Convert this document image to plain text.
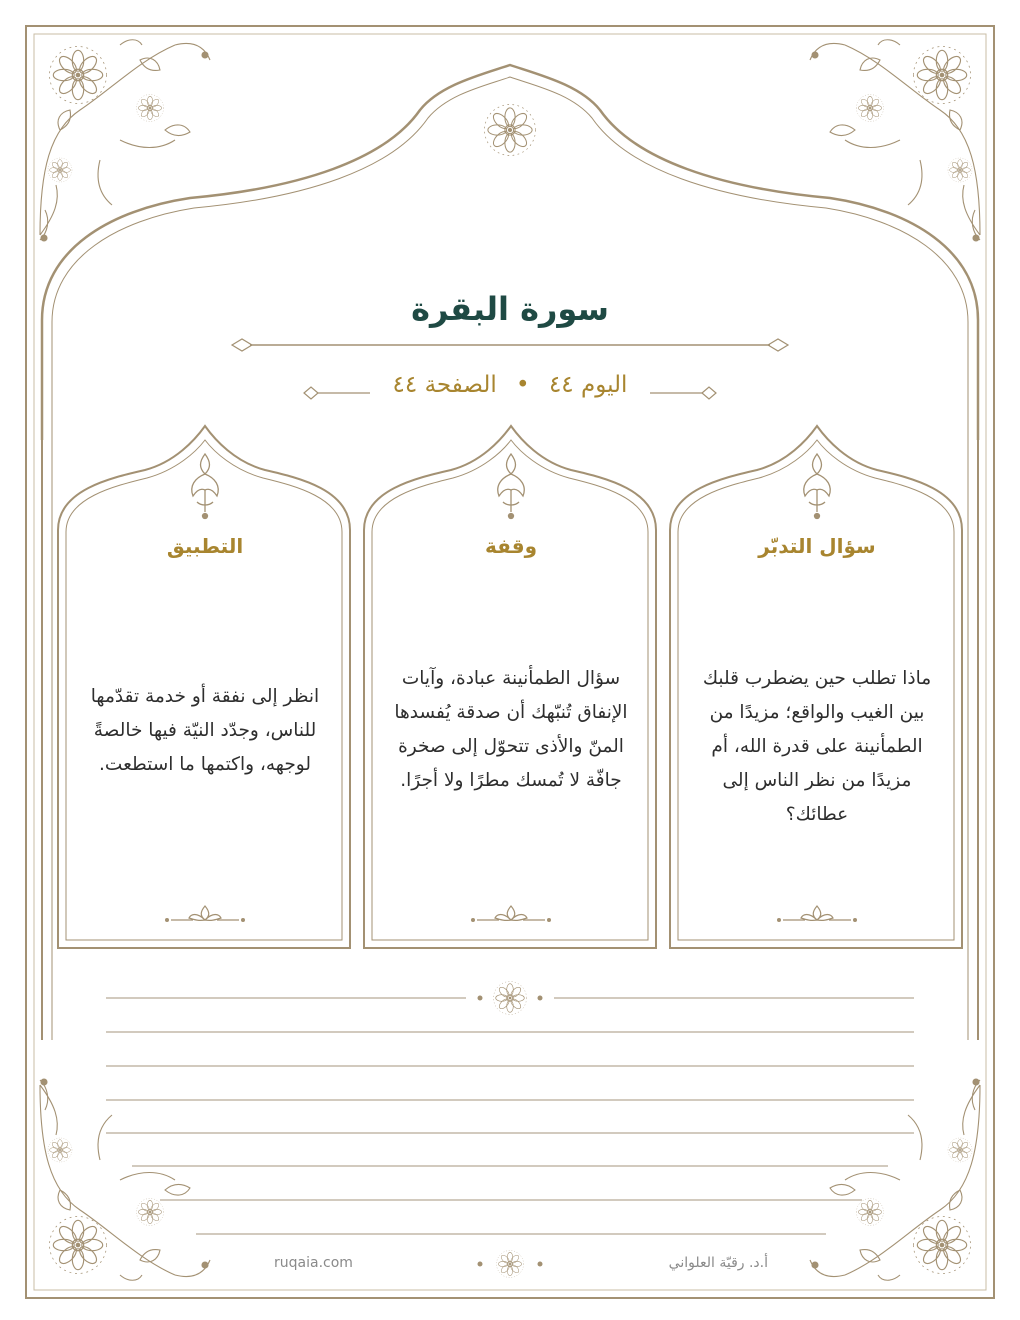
سورة البقرة
اليوم ٤٤ • الصفحة ٤٤
سؤال التدبّر
ماذا تطلب حين يضطرب قلبك بين الغيب والواقع؛ مزيدًا من الطمأنينة على قدرة الله، أم مزيدًا من نظر الناس إلى عطائك؟
وقفة
سؤال الطمأنينة عبادة، وآيات الإنفاق تُنبّهك أن صدقة يُفسدها المنّ والأذى تتحوّل إلى صخرة جافّة لا تُمسك مطرًا ولا أجرًا.
التطبيق
انظر إلى نفقة أو خدمة تقدّمها للناس، وجدّد النيّة فيها خالصةً لوجهه، واكتمها ما استطعت.
ruqaia.com	أ.د. رقيّة العلواني
